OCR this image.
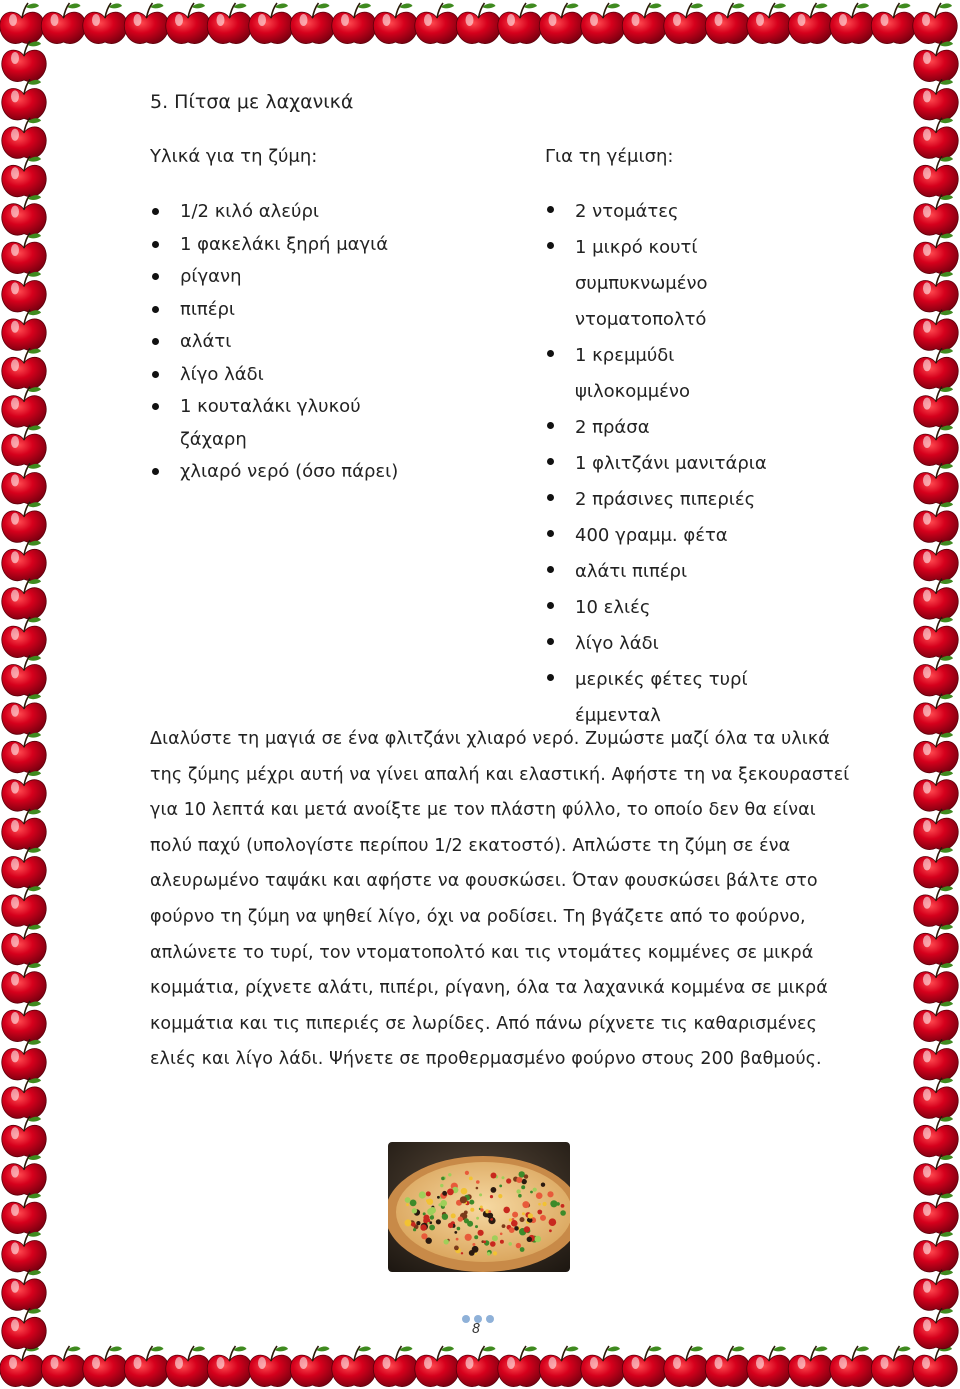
5. Πίτσα με λαχανικά
Υλικά για τη ζύμη:	Για τη γέμιση:
1/2 κιλό αλεύρι
1 φακελάκι ξηρή μαγιά
ρίγανη
πιπέρι
αλάτι
λίγο λάδι
1 κουταλάκι γλυκού ζάχαρη
χλιαρό νερό (όσο πάρει)
2 ντομάτες
1 μικρό κουτί συμπυκνωμένο ντοματοπολτό
1 κρεμμύδι ψιλοκομμένο
2 πράσα
1 φλιτζάνι μανιτάρια
2 πράσινες πιπεριές
400 γραμμ. φέτα
αλάτι πιπέρι
10 ελιές
λίγο λάδι
μερικές φέτες τυρί έμμενταλ

Διαλύστε τη μαγιά σε ένα φλιτζάνι χλιαρό νερό. Ζυμώστε μαζί όλα τα υλικά της ζύμης μέχρι αυτή να γίνει απαλή και ελαστική. Αφήστε τη να ξεκουραστεί για 10 λεπτά και μετά ανοίξτε με τον πλάστη φύλλο, το οποίο δεν θα είναι πολύ παχύ (υπολογίστε περίπου 1/2 εκατοστό). Απλώστε τη ζύμη σε ένα αλευρωμένο ταψάκι και αφήστε να φουσκώσει. Όταν φουσκώσει βάλτε στο φούρνο τη ζύμη να ψηθεί λίγο, όχι να ροδίσει. Τη βγάζετε από το φούρνο, απλώνετε το τυρί, τον ντοματοπολτό και τις ντομάτες κομμένες σε μικρά κομμάτια, ρίχνετε αλάτι, πιπέρι, ρίγανη, όλα τα λαχανικά κομμένα σε μικρά κομμάτια και τις πιπεριές σε λωρίδες. Από πάνω ρίχνετε τις καθαρισμένες ελιές και λίγο λάδι. Ψήνετε σε προθερμασμένο φούρνο στους 200 βαθμούς.

8
